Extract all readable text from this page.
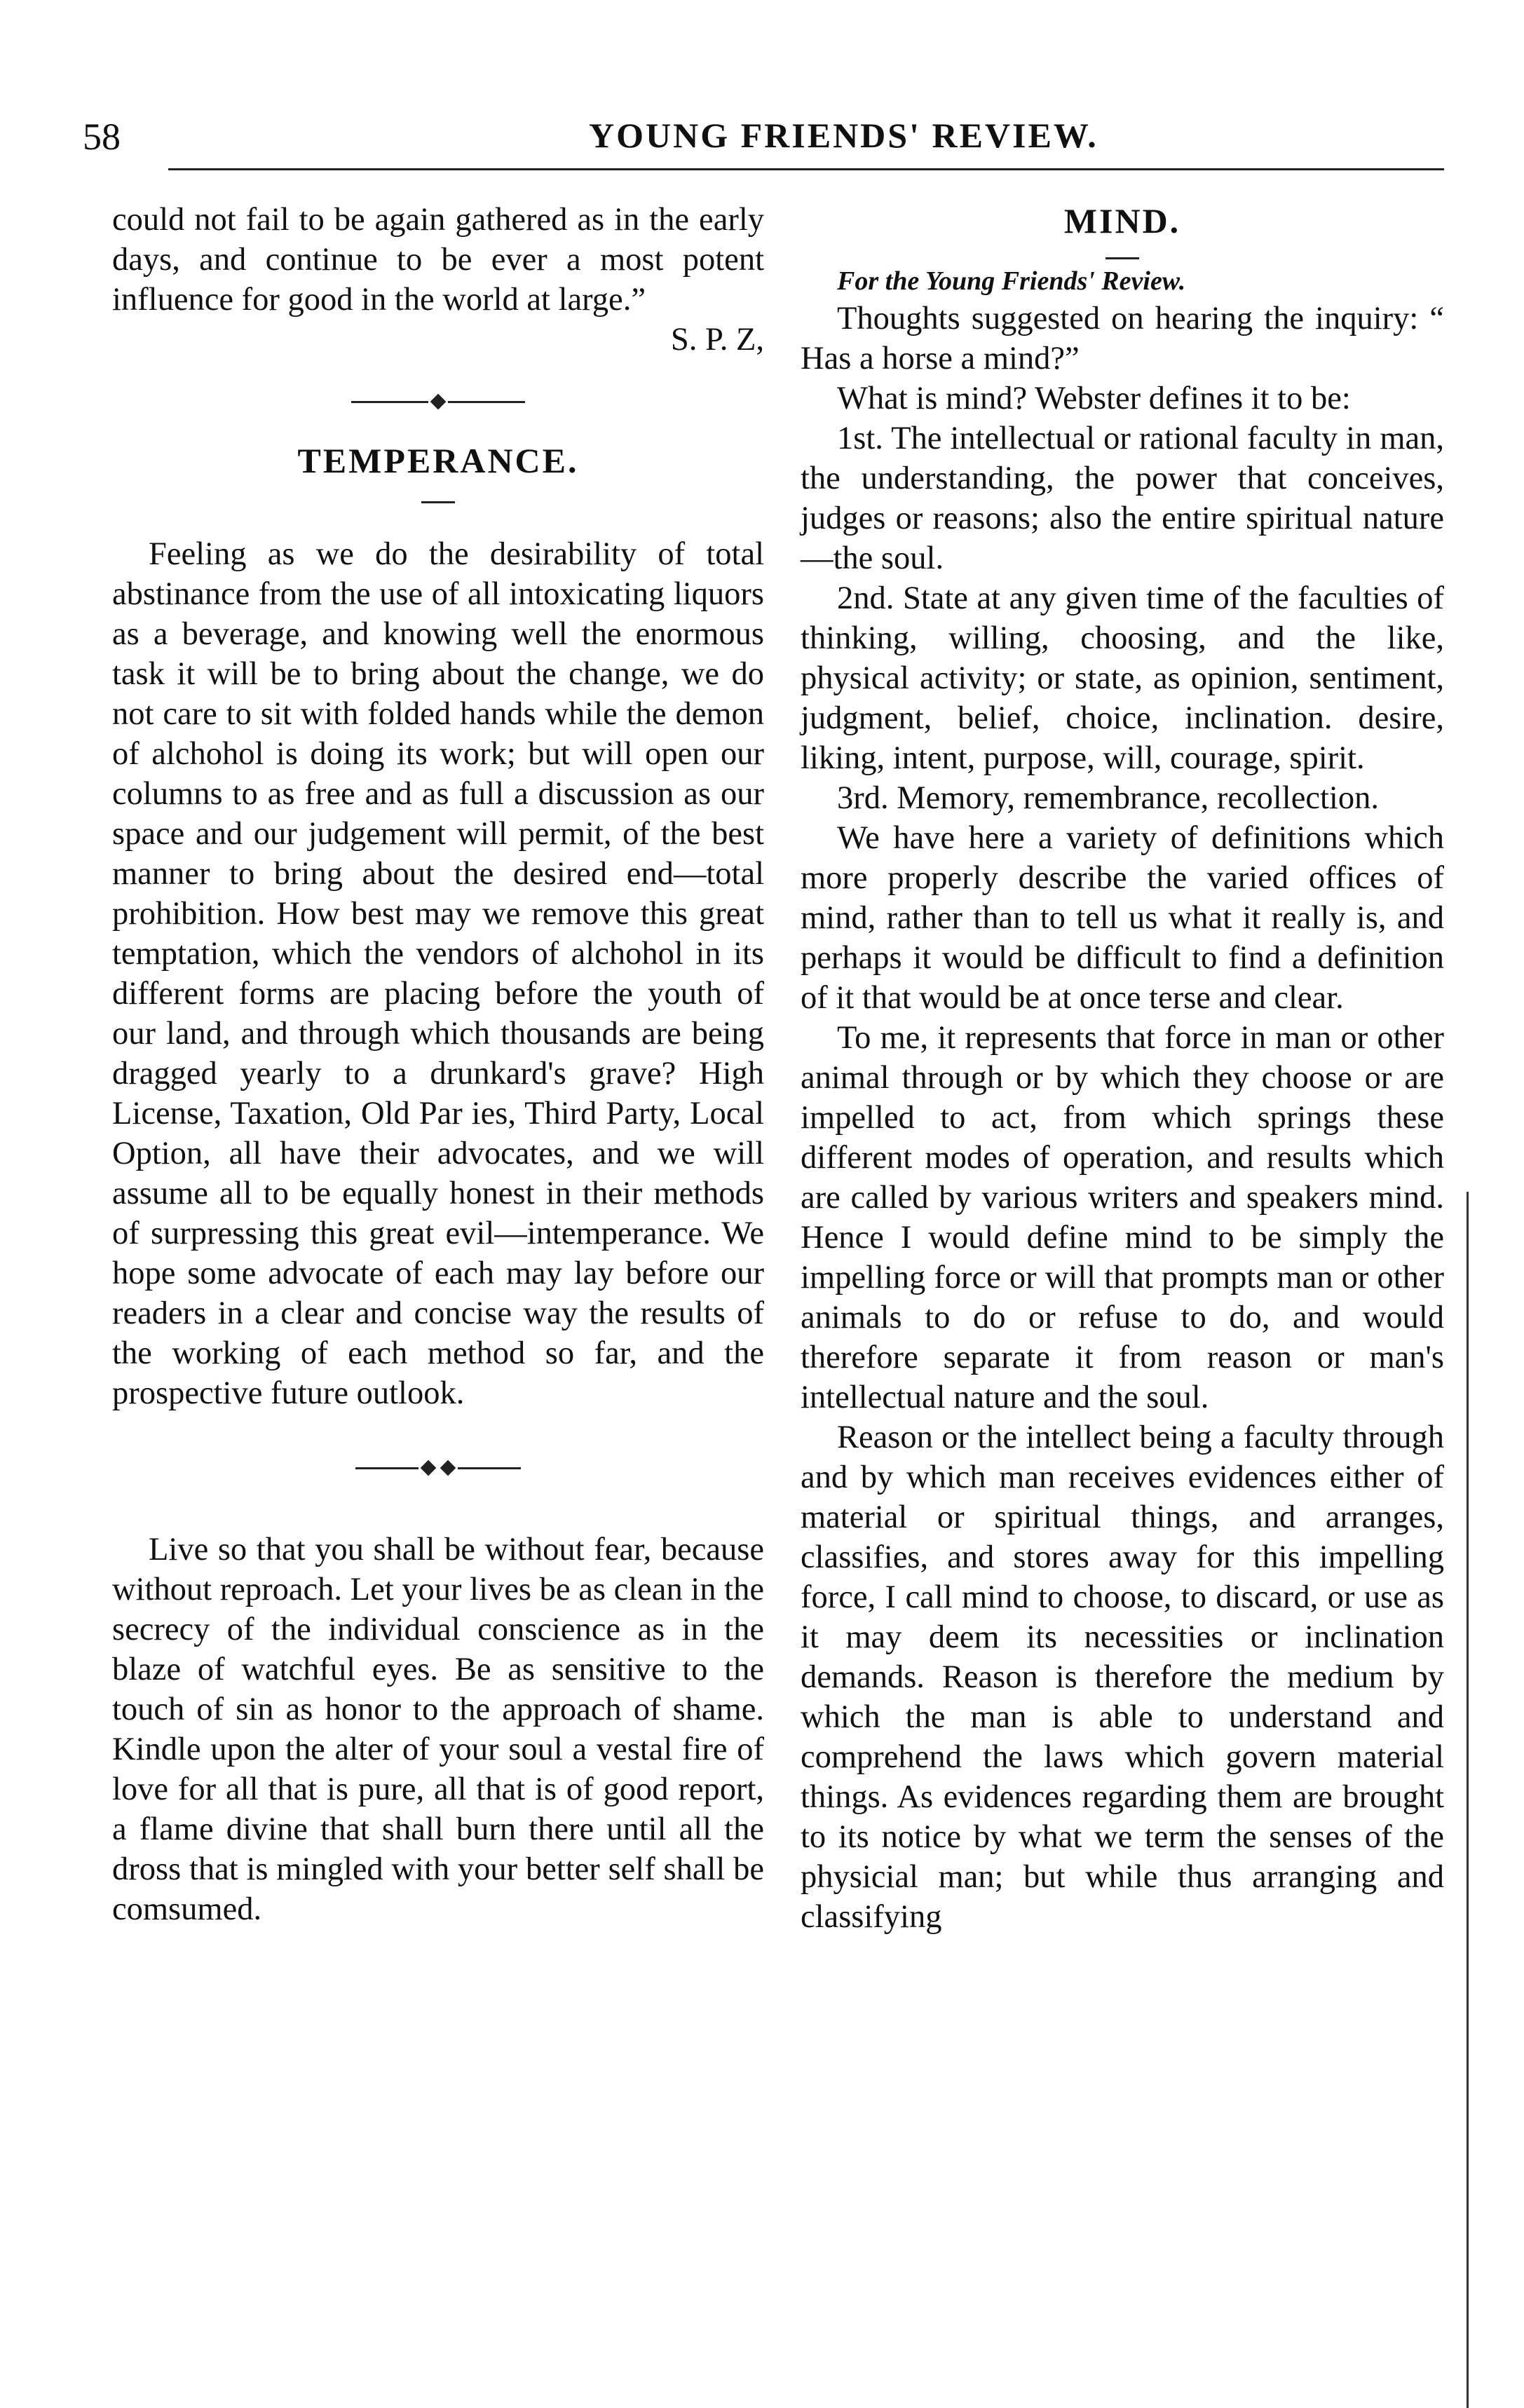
58	YOUNG FRIENDS' REVIEW.

could not fail to be again gathered as in the early days, and continue to be ever a most potent influence for good in the world at large.”

S. P. Z,
TEMPERANCE.

Feeling as we do the desirability of total abstinance from the use of all intoxicating liquors as a beverage, and knowing well the enormous task it will be to bring about the change, we do not care to sit with folded hands while the demon of alchohol is doing its work; but will open our columns to as free and as full a discussion as our space and our judgement will permit, of the best manner to bring about the desired end—total prohibition. How best may we remove this great temptation, which the vendors of alchohol in its different forms are placing before the youth of our land, and through which thousands are being dragged yearly to a drunkard's grave? High License, Taxation, Old Par ies, Third Party, Local Option, all have their advocates, and we will assume all to be equally honest in their methods of surpressing this great evil—intemperance. We hope some advocate of each may lay before our readers in a clear and concise way the results of the working of each method so far, and the prospective future outlook.

Live so that you shall be without fear, because without reproach. Let your lives be as clean in the secrecy of the individual conscience as in the blaze of watchful eyes. Be as sensitive to the touch of sin as honor to the approach of shame. Kindle upon the alter of your soul a vestal fire of love for all that is pure, all that is of good report, a flame divine that shall burn there until all the dross that is mingled with your better self shall be comsumed.

MIND.

For the Young Friends' Review.

Thoughts suggested on hearing the inquiry: “ Has a horse a mind?”

What is mind? Webster defines it to be:

1st. The intellectual or rational faculty in man, the understanding, the power that conceives, judges or reasons; also the entire spiritual nature—the soul.

2nd. State at any given time of the faculties of thinking, willing, choosing, and the like, physical activity; or state, as opinion, sentiment, judgment, belief, choice, inclination. desire, liking, intent, purpose, will, courage, spirit.

3rd. Memory, remembrance, recollection.

We have here a variety of definitions which more properly describe the varied offices of mind, rather than to tell us what it really is, and perhaps it would be difficult to find a definition of it that would be at once terse and clear.

To me, it represents that force in man or other animal through or by which they choose or are impelled to act, from which springs these different modes of operation, and results which are called by various writers and speakers mind. Hence I would define mind to be simply the impelling force or will that prompts man or other animals to do or refuse to do, and would therefore separate it from reason or man's intellectual nature and the soul.

Reason or the intellect being a faculty through and by which man receives evidences either of material or spiritual things, and arranges, classifies, and stores away for this impelling force, I call mind to choose, to discard, or use as it may deem its necessities or inclination demands. Reason is therefore the medium by which the man is able to understand and comprehend the laws which govern material things. As evidences regarding them are brought to its notice by what we term the senses of the physicial man; but while thus arranging and classifying
